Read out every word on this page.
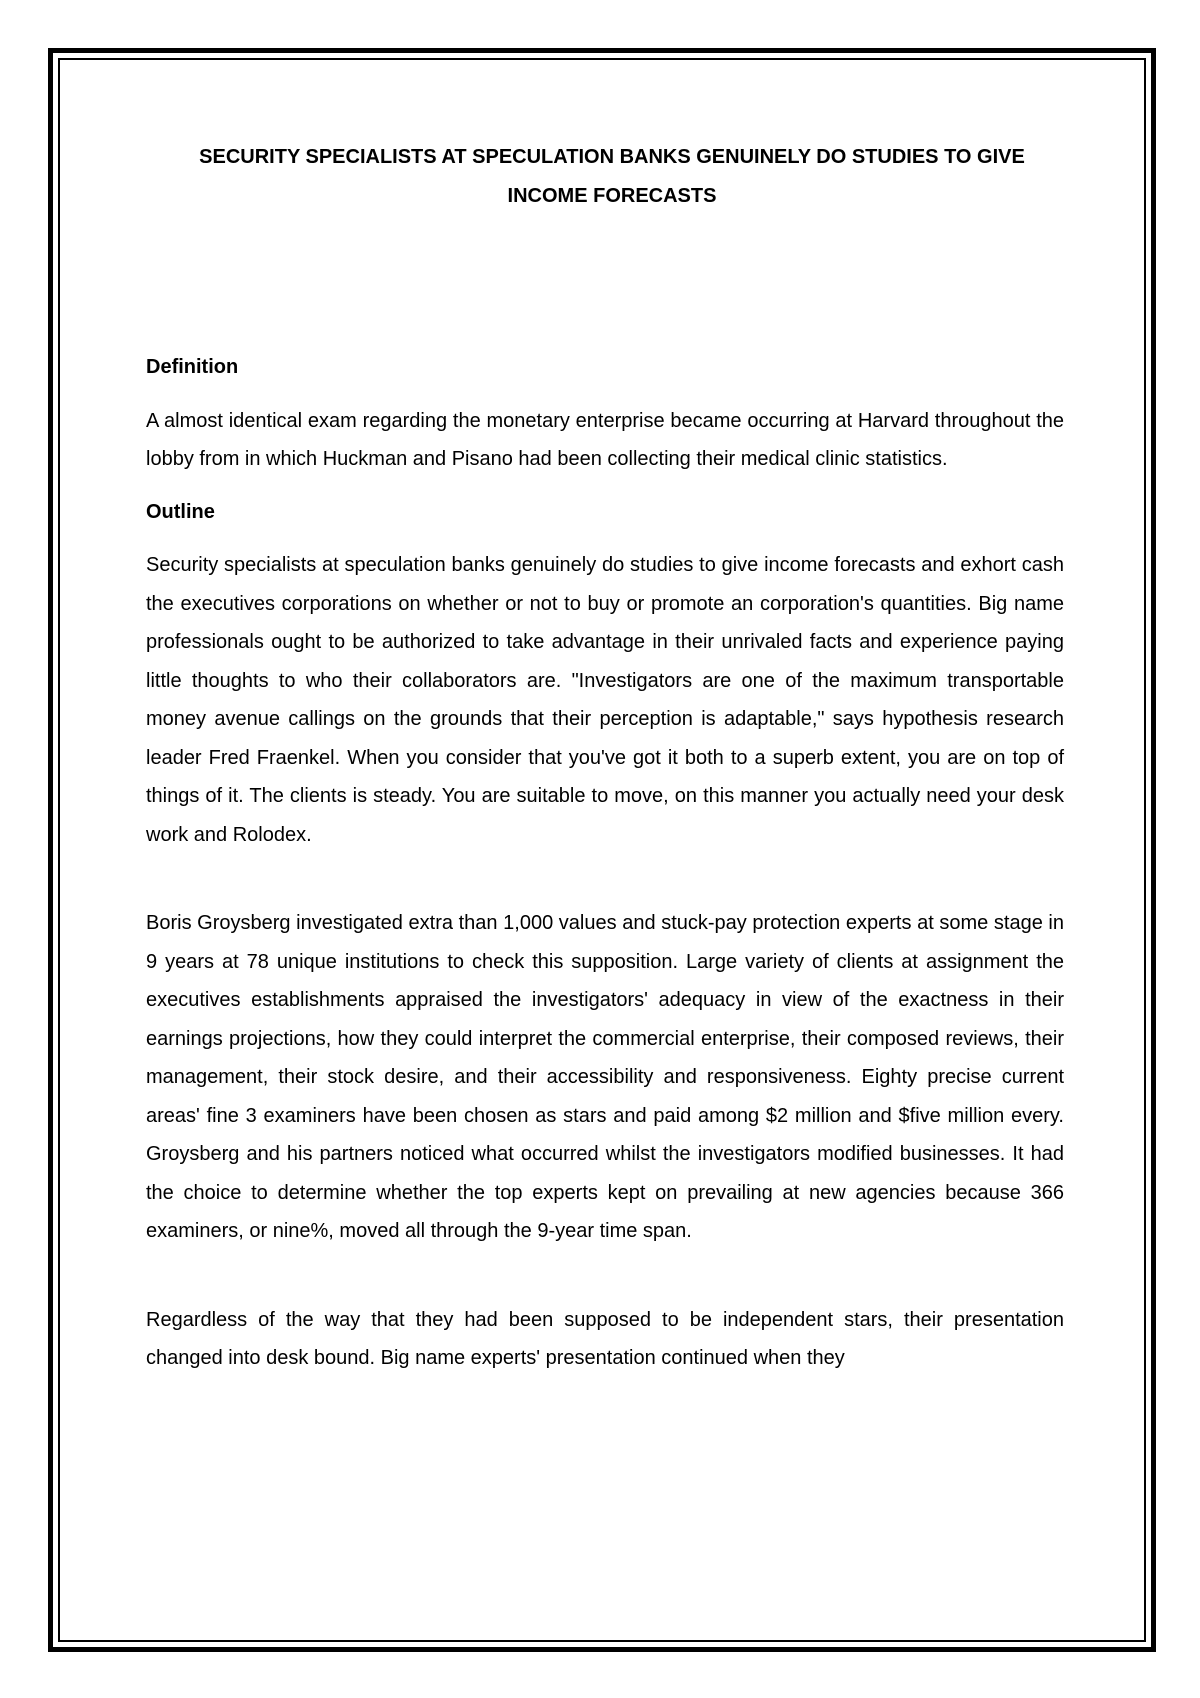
SECURITY SPECIALISTS AT SPECULATION BANKS GENUINELY DO STUDIES TO GIVE INCOME FORECASTS
Definition

A almost identical exam regarding the monetary enterprise became occurring at Harvard throughout the lobby from in which Huckman and Pisano had been collecting their medical clinic statistics.

Outline

Security specialists at speculation banks genuinely do studies to give income forecasts and exhort cash the executives corporations on whether or not to buy or promote an corporation's quantities. Big name professionals ought to be authorized to take advantage in their unrivaled facts and experience paying little thoughts to who their collaborators are. "Investigators are one of the maximum transportable money avenue callings on the grounds that their perception is adaptable," says hypothesis research leader Fred Fraenkel. When you consider that you've got it both to a superb extent, you are on top of things of it. The clients is steady. You are suitable to move, on this manner you actually need your desk work and Rolodex.

Boris Groysberg investigated extra than 1,000 values and stuck-pay protection experts at some stage in 9 years at 78 unique institutions to check this supposition. Large variety of clients at assignment the executives establishments appraised the investigators' adequacy in view of the exactness in their earnings projections, how they could interpret the commercial enterprise, their composed reviews, their management, their stock desire, and their accessibility and responsiveness. Eighty precise current areas' fine 3 examiners have been chosen as stars and paid among $2 million and $five million every. Groysberg and his partners noticed what occurred whilst the investigators modified businesses. It had the choice to determine whether the top experts kept on prevailing at new agencies because 366 examiners, or nine%, moved all through the 9-year time span.

Regardless of the way that they had been supposed to be independent stars, their presentation changed into desk bound. Big name experts' presentation continued when they
